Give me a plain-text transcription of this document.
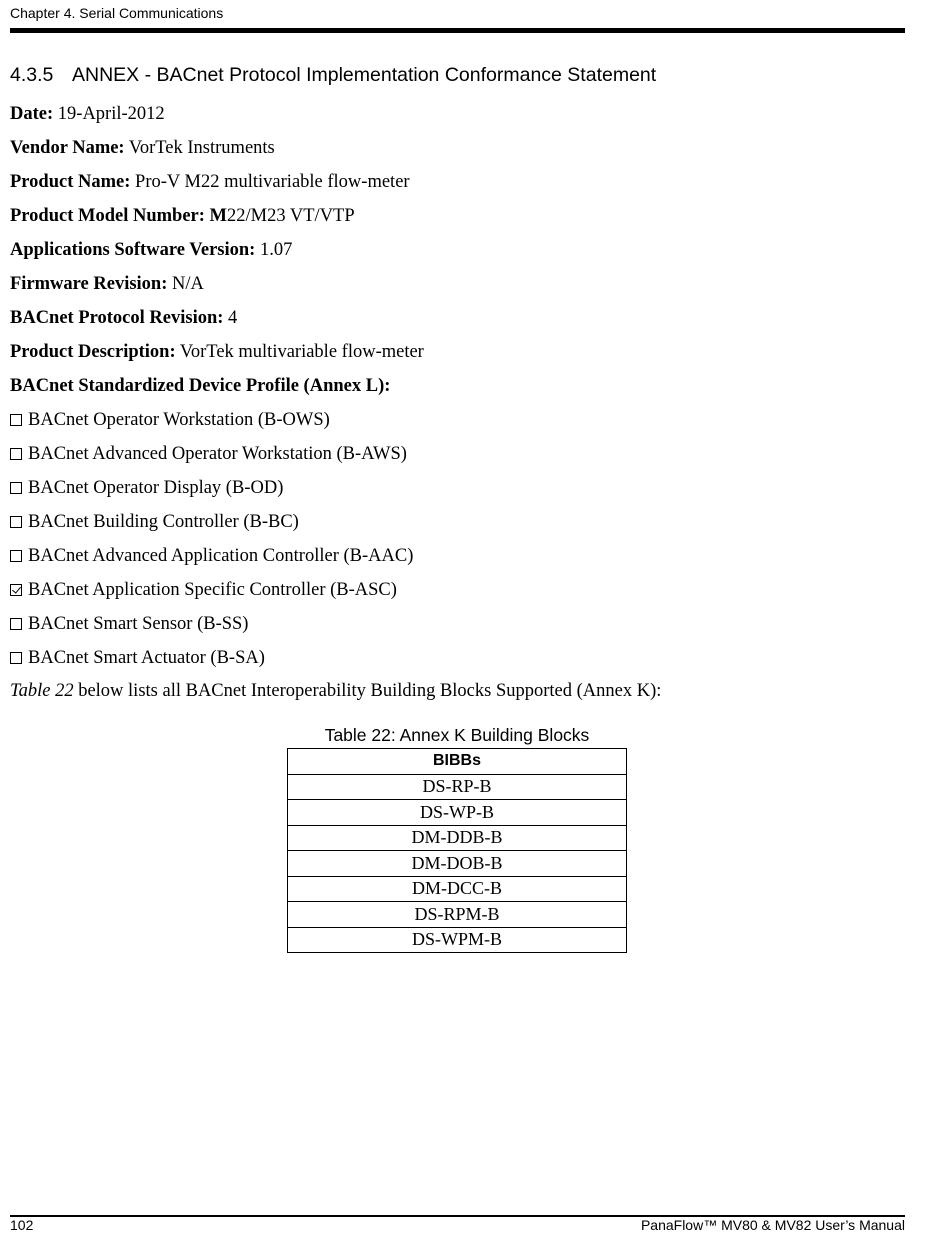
Chapter 4. Serial Communications
4.3.5 ANNEX - BACnet Protocol Implementation Conformance Statement
Date: 19-April-2012
Vendor Name: VorTek Instruments
Product Name: Pro-V M22 multivariable flow-meter
Product Model Number: M22/M23 VT/VTP
Applications Software Version: 1.07
Firmware Revision: N/A
BACnet Protocol Revision: 4
Product Description: VorTek multivariable flow-meter
BACnet Standardized Device Profile (Annex L):
BACnet Operator Workstation (B-OWS)
BACnet Advanced Operator Workstation (B-AWS)
BACnet Operator Display (B-OD)
BACnet Building Controller (B-BC)
BACnet Advanced Application Controller (B-AAC)
BACnet Application Specific Controller (B-ASC)
BACnet Smart Sensor (B-SS)
BACnet Smart Actuator (B-SA)
Table 22 below lists all BACnet Interoperability Building Blocks Supported (Annex K):
Table 22: Annex K Building Blocks
BIBBs
DS-RP-B
DS-WP-B
DM-DDB-B
DM-DOB-B
DM-DCC-B
DS-RPM-B
DS-WPM-B
102	PanaFlow™ MV80 & MV82 User’s Manual
